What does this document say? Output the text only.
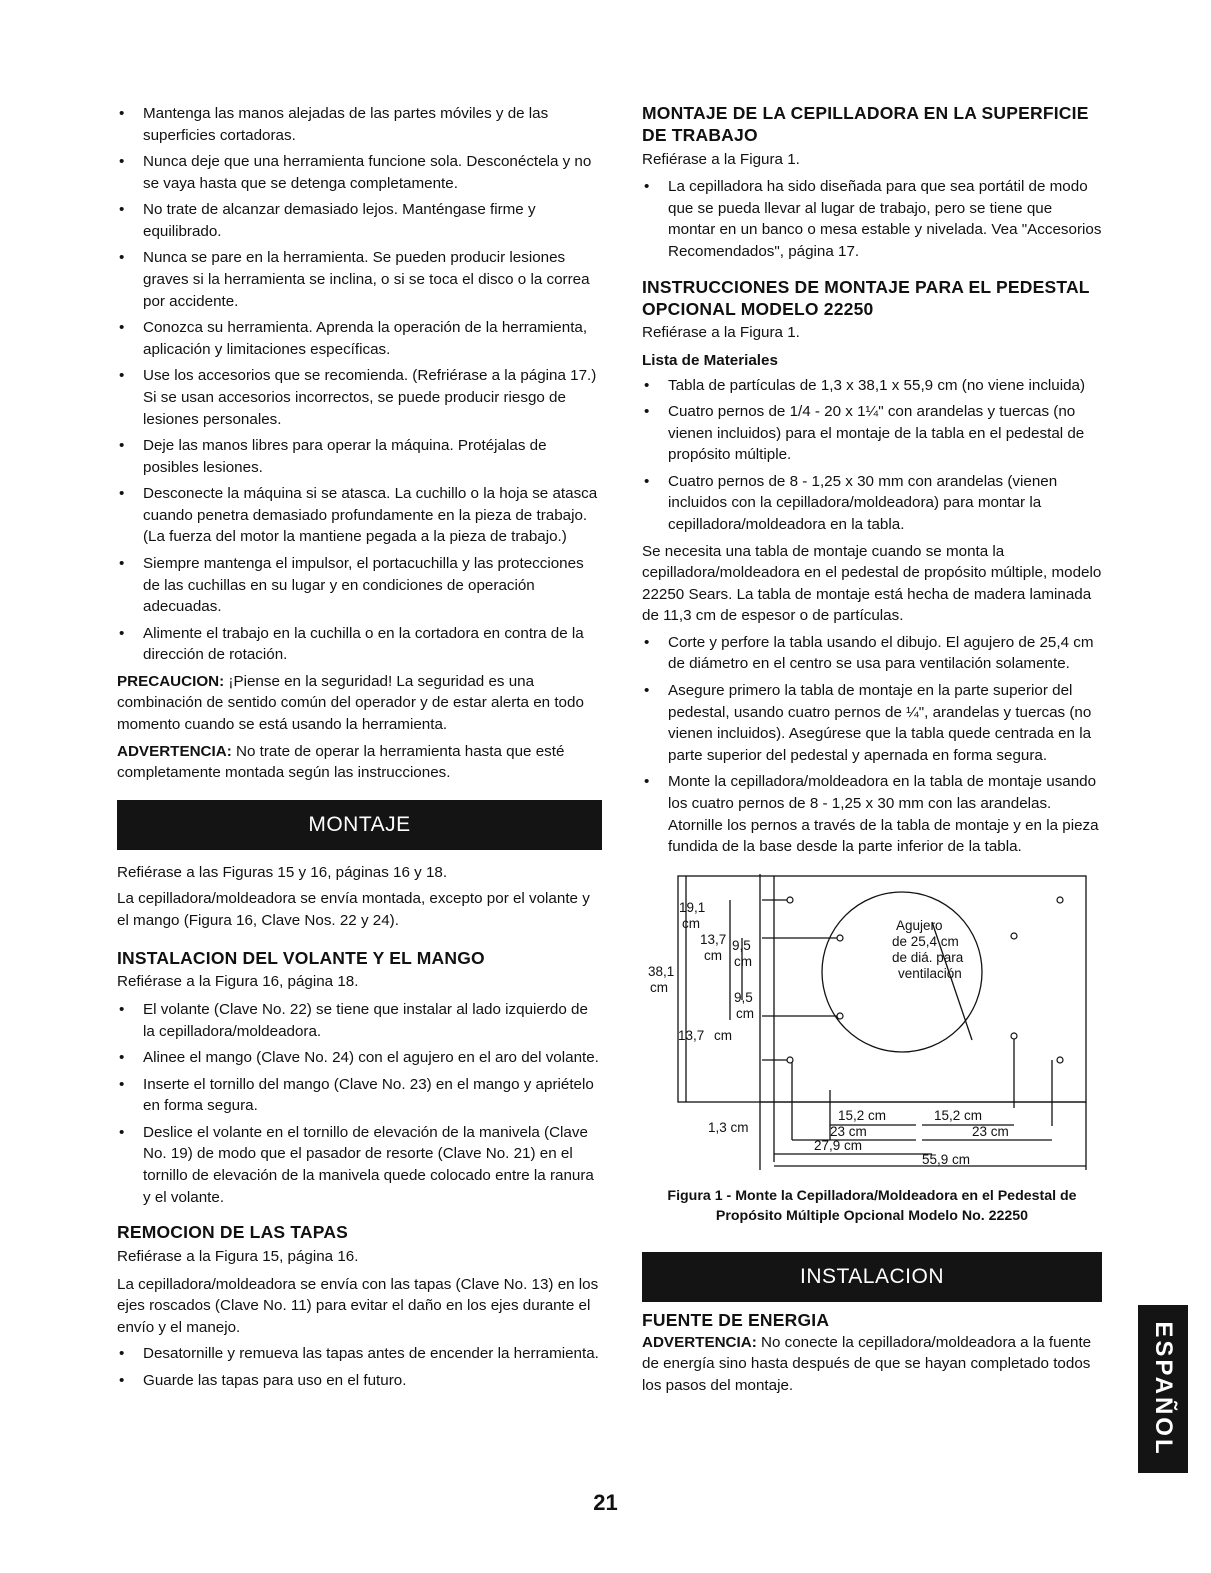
• Mantenga las manos alejadas de las partes móviles y de las superficies cortadoras.
• Nunca deje que una herramienta funcione sola. Desconéctela y no se vaya hasta que se detenga completamente.
• No trate de alcanzar demasiado lejos. Manténgase firme y equilibrado.
• Nunca se pare en la herramienta. Se pueden producir lesiones graves si la herramienta se inclina, o si se toca el disco o la correa por accidente.
• Conozca su herramienta. Aprenda la operación de la herramienta, aplicación y limitaciones específicas.
• Use los accesorios que se recomienda. (Refriérase a la página 17.) Si se usan accesorios incorrectos, se puede producir riesgo de lesiones personales.
• Deje las manos libres para operar la máquina. Protéjalas de posibles lesiones.
• Desconecte la máquina si se atasca. La cuchillo o la hoja se atasca cuando penetra demasiado profundamente en la pieza de trabajo. (La fuerza del motor la mantiene pegada a la pieza de trabajo.)
• Siempre mantenga el impulsor, el portacuchilla y las protecciones de las cuchillas en su lugar y en condiciones de operación adecuadas.
• Alimente el trabajo en la cuchilla o en la cortadora en contra de la dirección de rotación.

PRECAUCION: ¡Piense en la seguridad! La seguridad es una combinación de sentido común del operador y de estar alerta en todo momento cuando se está usando la herramienta.

ADVERTENCIA: No trate de operar la herramienta hasta que esté completamente montada según las instrucciones.

MONTAJE

Refiérase a las Figuras 15 y 16, páginas 16 y 18.

La cepilladora/moldeadora se envía montada, excepto por el volante y el mango (Figura 16, Clave Nos. 22 y 24).

INSTALACION DEL VOLANTE Y EL MANGO

Refiérase a la Figura 16, página 18.

• El volante (Clave No. 22) se tiene que instalar al lado izquierdo de la cepilladora/moldeadora.
• Alinee el mango (Clave No. 24) con el agujero en el aro del volante.
• Inserte el tornillo del mango (Clave No. 23) en el mango y apriételo en forma segura.
• Deslice el volante en el tornillo de elevación de la manivela (Clave No. 19) de modo que el pasador de resorte (Clave No. 21) en el tornillo de elevación de la manivela quede colocado entre la ranura y el volante.
REMOCION DE LAS TAPAS

Refiérase a la Figura 15, página 16.

La cepilladora/moldeadora se envía con las tapas (Clave No. 13) en los ejes roscados (Clave No. 11) para evitar el daño en los ejes durante el envío y el manejo.

• Desatornille y remueva las tapas antes de encender la herramienta.
• Guarde las tapas para uso en el futuro.
MONTAJE DE LA CEPILLADORA EN LA SUPERFICIE DE TRABAJO

Refiérase a la Figura 1.

• La cepilladora ha sido diseñada para que sea portátil de modo que se pueda llevar al lugar de trabajo, pero se tiene que montar en un banco o mesa estable y nivelada. Vea "Accesorios Recomendados", página 17.
INSTRUCCIONES DE MONTAJE PARA EL PEDESTAL OPCIONAL MODELO 22250

Refiérase a la Figura 1.

Lista de Materiales
• Tabla de partículas de 1,3 x 38,1 x 55,9 cm (no viene incluida)
• Cuatro pernos de 1/4 - 20 x 1¼" con arandelas y tuercas (no vienen incluidos) para el montaje de la tabla en el pedestal de propósito múltiple.
• Cuatro pernos de 8 - 1,25 x 30 mm con arandelas (vienen incluidos con la cepilladora/moldeadora) para montar la cepilladora/moldeadora en la tabla.

Se necesita una tabla de montaje cuando se monta la cepilladora/moldeadora en el pedestal de propósito múltiple, modelo 22250 Sears. La tabla de montaje está hecha de madera laminada de 11,3 cm de espesor o de partículas.

• Corte y perfore la tabla usando el dibujo. El agujero de 25,4 cm de diámetro en el centro se usa para ventilación solamente.
• Asegure primero la tabla de montaje en la parte superior del pedestal, usando cuatro pernos de ¼", arandelas y tuercas (no vienen incluidos). Asegúrese que la tabla quede centrada en la parte superior del pedestal y apernada en forma segura.
• Monte la cepilladora/moldeadora en la tabla de montaje usando los cuatro pernos de 8 - 1,25 x 30 mm con las arandelas. Atornille los pernos a través de la tabla de montaje y en la pieza fundida de la base desde la parte inferior de la tabla.
19,1
cm
13,7
cm
9,5
cm
38,1
cm
9,5
cm
13,7 cm
Agujero
de 25,4 cm
de diá. para
ventilación
15,2 cm	15,2 cm
23 cm	23 cm
27,9 cm
55,9 cm
1,3 cm
Figura 1 - Monte la Cepilladora/Moldeadora en el Pedestal de
Propósito Múltiple Opcional Modelo No. 22250
INSTALACION
FUENTE DE ENERGIA

ADVERTENCIA: No conecte la cepilladora/moldeadora a la fuente de energía sino hasta después de que se hayan completado todos los pasos del montaje.

21
ESPAÑOL
